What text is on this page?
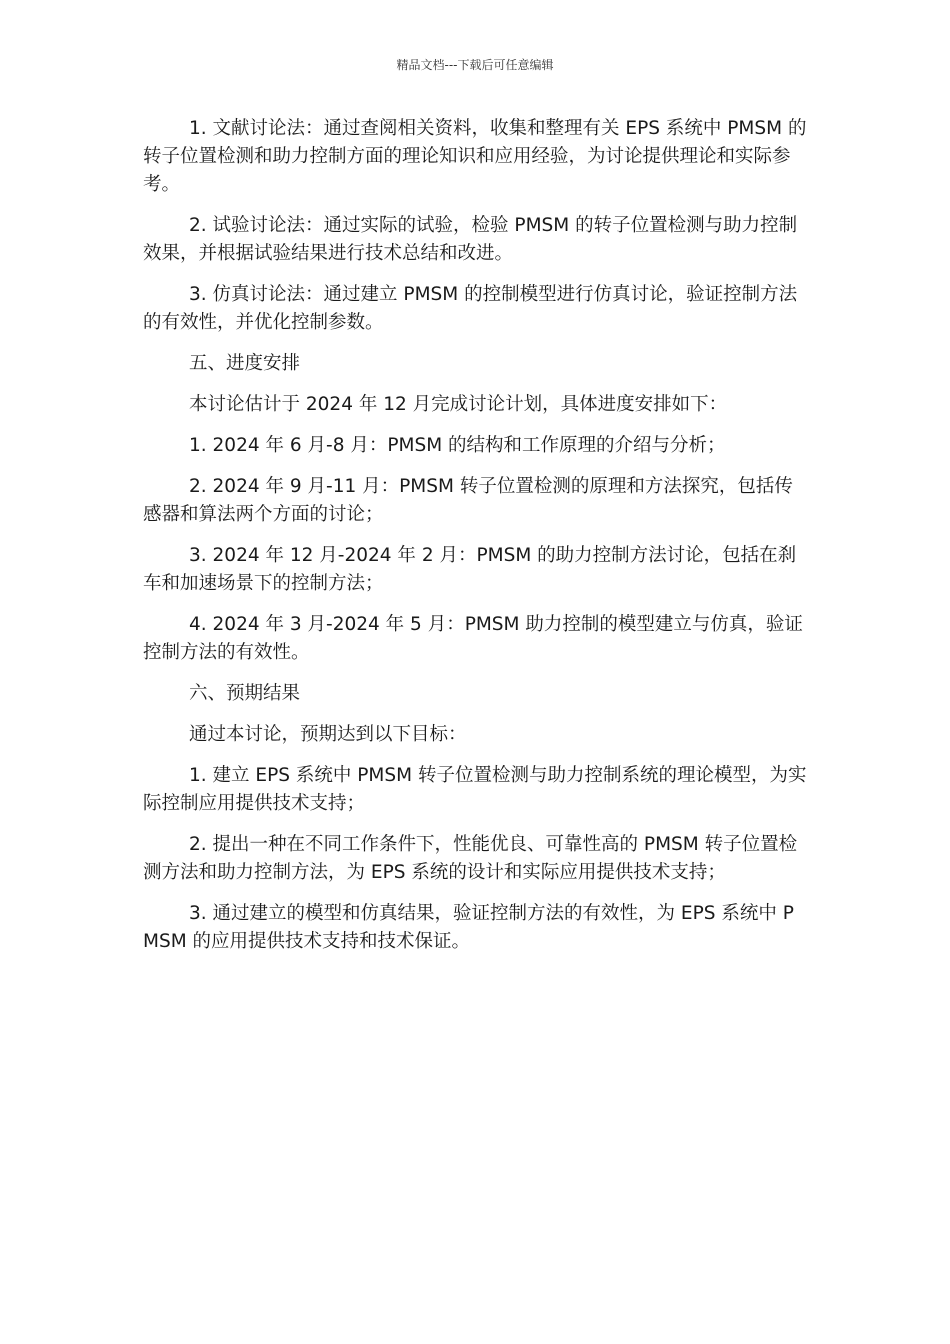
精品文档---下载后可任意编辑

1. 文献讨论法：通过查阅相关资料，收集和整理有关 EPS 系统中 PMSM 的转子位置检测和助力控制方面的理论知识和应用经验，为讨论提供理论和实际参考。

2. 试验讨论法：通过实际的试验，检验 PMSM 的转子位置检测与助力控制效果，并根据试验结果进行技术总结和改进。

3. 仿真讨论法：通过建立 PMSM 的控制模型进行仿真讨论，验证控制方法的有效性，并优化控制参数。

五、进度安排

本讨论估计于 2024 年 12 月完成讨论计划，具体进度安排如下：

1. 2024 年 6 月-8 月：PMSM 的结构和工作原理的介绍与分析；

2. 2024 年 9 月-11 月：PMSM 转子位置检测的原理和方法探究，包括传感器和算法两个方面的讨论；

3. 2024 年 12 月-2024 年 2 月：PMSM 的助力控制方法讨论，包括在刹车和加速场景下的控制方法；

4. 2024 年 3 月-2024 年 5 月：PMSM 助力控制的模型建立与仿真，验证控制方法的有效性。

六、预期结果

通过本讨论，预期达到以下目标：

1. 建立 EPS 系统中 PMSM 转子位置检测与助力控制系统的理论模型，为实际控制应用提供技术支持；

2. 提出一种在不同工作条件下，性能优良、可靠性高的 PMSM 转子位置检测方法和助力控制方法，为 EPS 系统的设计和实际应用提供技术支持；

3. 通过建立的模型和仿真结果，验证控制方法的有效性，为 EPS 系统中 PMSM 的应用提供技术支持和技术保证。
